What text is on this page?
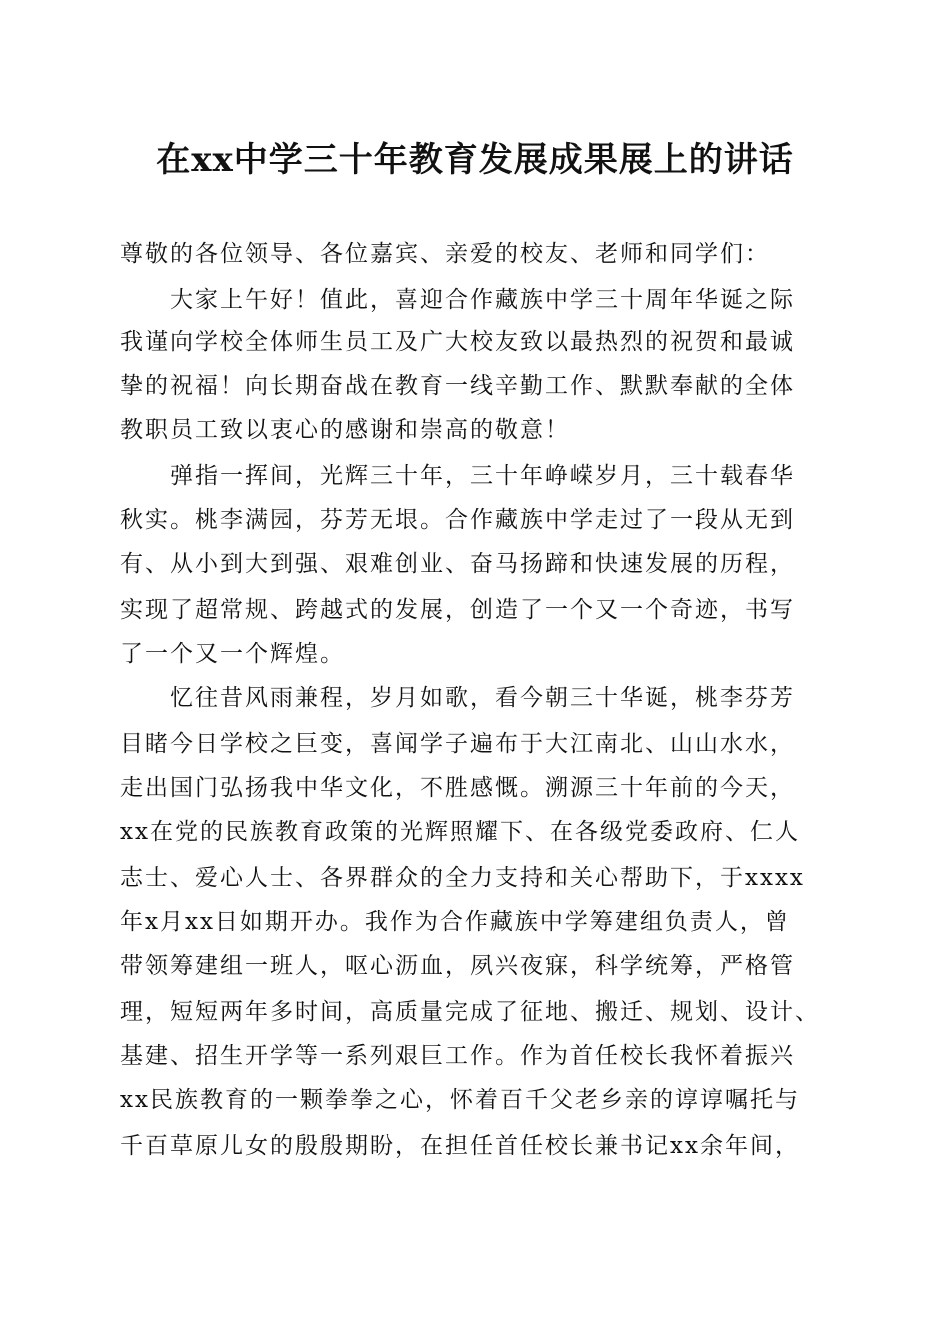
在xx中学三十年教育发展成果展上的讲话
尊敬的各位领导、各位嘉宾、亲爱的校友、老师和同学们：
大家上午好！值此，喜迎合作藏族中学三十周年华诞之际
我谨向学校全体师生员工及广大校友致以最热烈的祝贺和最诚
挚的祝福！向长期奋战在教育一线辛勤工作、默默奉献的全体
教职员工致以衷心的感谢和崇高的敬意！
弹指一挥间，光辉三十年，三十年峥嵘岁月，三十载春华
秋实。桃李满园，芬芳无垠。合作藏族中学走过了一段从无到
有、从小到大到强、艰难创业、奋马扬蹄和快速发展的历程，
实现了超常规、跨越式的发展，创造了一个又一个奇迹，书写
了一个又一个辉煌。
忆往昔风雨兼程，岁月如歌，看今朝三十华诞，桃李芬芳
目睹今日学校之巨变，喜闻学子遍布于大江南北、山山水水，
走出国门弘扬我中华文化，不胜感慨。溯源三十年前的今天，
xx在党的民族教育政策的光辉照耀下、在各级党委政府、仁人
志士、爱心人士、各界群众的全力支持和关心帮助下，于xxxx
年x月xx日如期开办。我作为合作藏族中学筹建组负责人，曾
带领筹建组一班人，呕心沥血，夙兴夜寐，科学统筹，严格管
理，短短两年多时间，高质量完成了征地、搬迁、规划、设计、
基建、招生开学等一系列艰巨工作。作为首任校长我怀着振兴
xx民族教育的一颗拳拳之心，怀着百千父老乡亲的谆谆嘱托与
千百草原儿女的殷殷期盼，在担任首任校长兼书记xx余年间，
